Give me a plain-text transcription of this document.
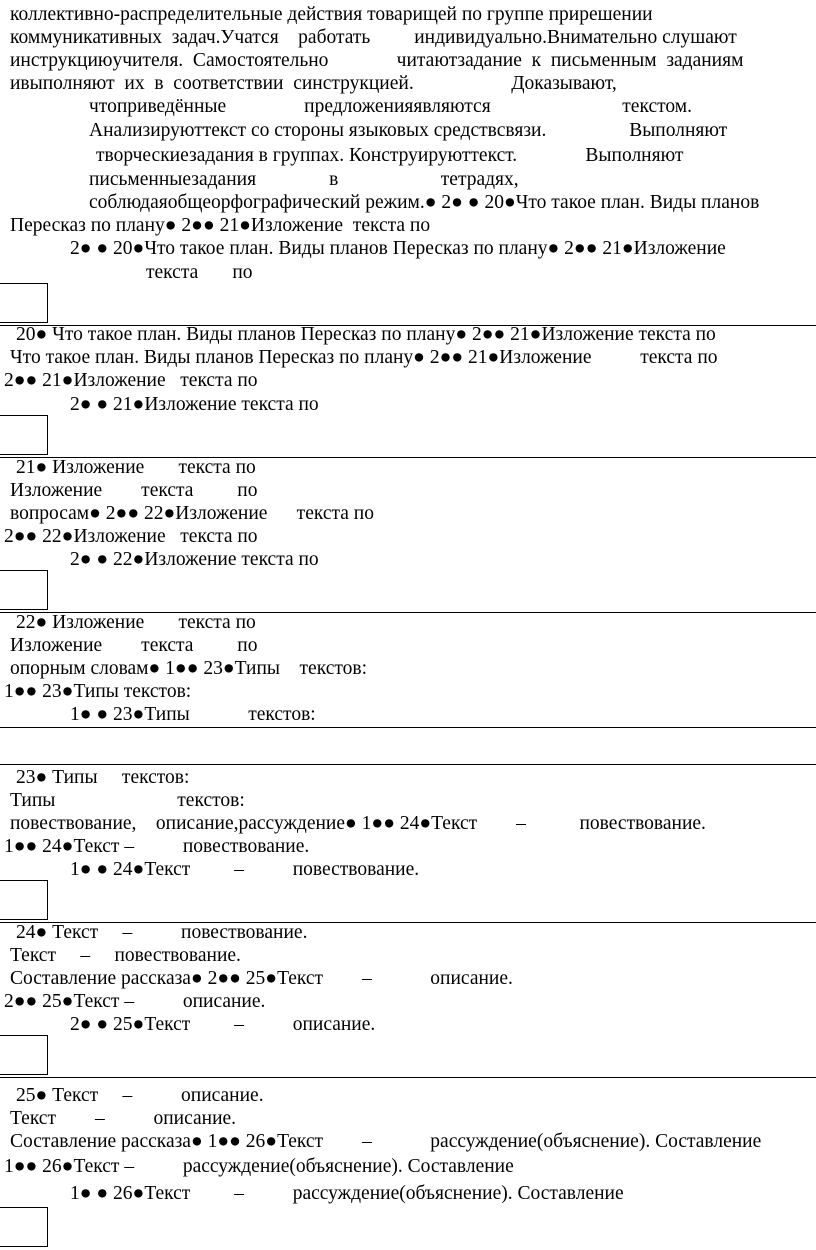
коллективно-распределительные действия товарищей по группе прирешении
коммуникативных  задач.Учатся    работать         индивидуально.Внимательно слушают
инструкциюучителя.  Самостоятельно              читаютзадание  к  письменным  заданиям
ивыполняют  их  в  соответствии  синструкцией.                    Доказывают,
чтоприведённые                предложенияявляются                           текстом.
Анализируюттекст со стороны языковых средствсвязи.                 Выполняют
творческиезадания в группах. Конструируюттекст.              Выполняют
письменныезадания               в                     тетрадях,
соблюдаяобщеорфографический режим.● 2● ● 20●Что такое план. Виды планов
Пересказ по плану● 2●● 21●Изложение  текста по
2● ● 20●Что такое план. Виды планов Пересказ по плану● 2●● 21●Изложение
текста       по
20● Что такое план. Виды планов Пересказ по плану● 2●● 21●Изложение текста по
Что такое план. Виды планов Пересказ по плану● 2●● 21●Изложение          текста по
2●● 21●Изложение   текста по
2● ● 21●Изложение текста по
21● Изложение       текста по
Изложение        текста         по
вопросам● 2●● 22●Изложение      текста по
2●● 22●Изложение   текста по
2● ● 22●Изложение текста по
22● Изложение       текста по
Изложение        текста         по
опорным словам● 1●● 23●Типы    текстов:
1●● 23●Типы текстов:
1● ● 23●Типы            текстов:
23● Типы     текстов:
Типы                         текстов:
повествование,    описание,рассуждение● 1●● 24●Текст        –           повествование.
1●● 24●Текст –          повествование.
1● ● 24●Текст         –          повествование.
24● Текст     –          повествование.
Текст     –     повествование.
Составление рассказа● 2●● 25●Текст        –            описание.
2●● 25●Текст –          описание.
2● ● 25●Текст         –          описание.
25● Текст     –          описание.
Текст        –          описание.
Составление рассказа● 1●● 26●Текст        –            рассуждение(объяснение). Составление
1●● 26●Текст –          рассуждение(объяснение). Составление
1● ● 26●Текст         –          рассуждение(объяснение). Составление
